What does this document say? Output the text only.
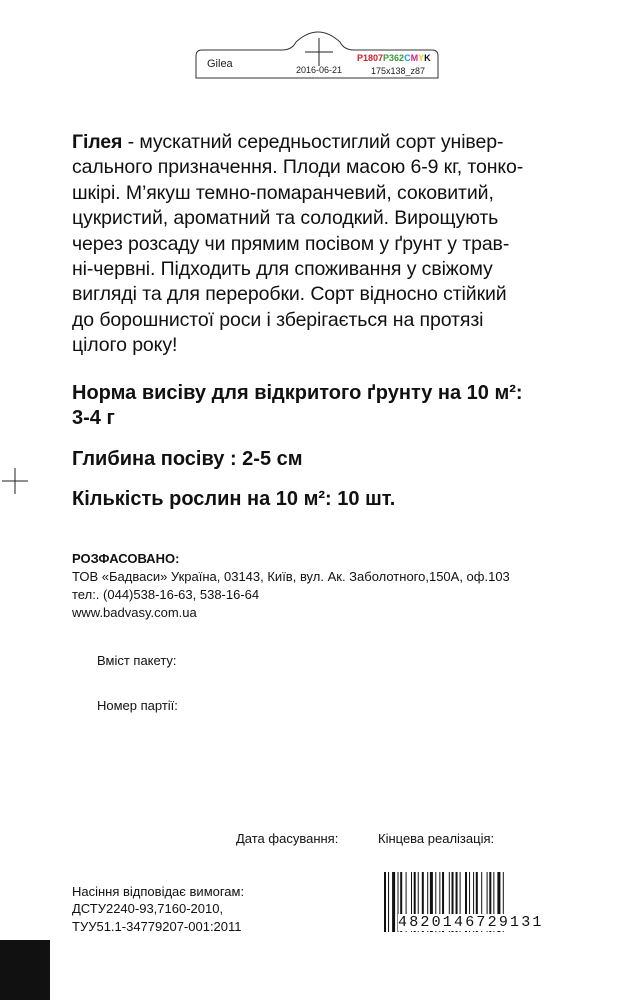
Gilea	2016-06-21	175x138_z87
P1807P362CMYK
Гілея - мускатний середньостиглий сорт універ-
сального призначення. Плоди масою 6-9 кг, тонко-
шкірі. М’якуш темно-помаранчевий, соковитий,
цукристий, ароматний та солодкий. Вирощують
через розсаду чи прямим посівом у ґрунт у трав-
ні-червні. Підходить для споживання у свіжому
вигляді та для переробки. Сорт відносно стійкий
до борошнистої роси і зберігається на протязі
цілого року!
Норма висіву для відкритого ґрунту на 10 м²:
3-4 г
Глибина посіву : 2-5 см
Кількість рослин на 10 м²: 10 шт.
РОЗФАСОВАНО:
ТОВ «Бадваси» Україна, 03143, Київ, вул. Ак. Заболотного,150А, оф.103
тел:. (044)538-16-63, 538-16-64
www.badvasy.com.ua
Вміст пакету:
Номер партії:
Дата фасування:	Кінцева реалізація:
Насіння відповідає вимогам:
ДСТУ2240-93,7160-2010,
ТУУ51.1-34779207-001:2011	4820146729131
